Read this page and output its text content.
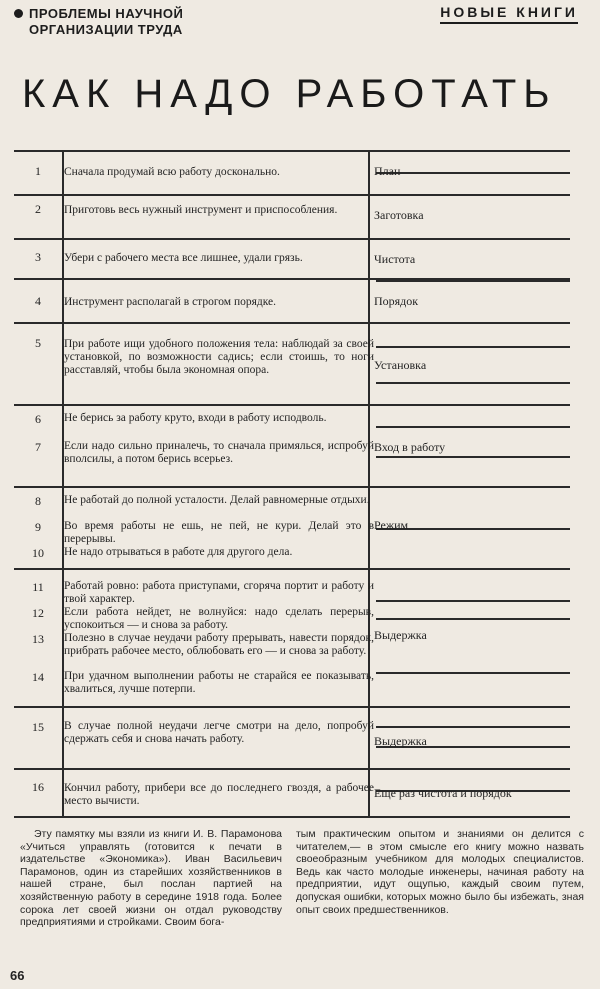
ПРОБЛЕМЫ НАУЧНОЙ
ОРГАНИЗАЦИИ ТРУДА
НОВЫЕ КНИГИ
КАК НАДО РАБОТАТЬ
1
2
3
4
5
6
7
8
9
10
11
12
13
14
15
16
Сначала продумай всю работу досконально.
Приготовь весь нужный инструмент и приспособления.
Убери с рабочего места все лишнее, удали грязь.
Инструмент располагай в строгом порядке.
При работе ищи удобного положения тела: наблюдай за своей установкой, по возможности садись; если стоишь, то ноги расставляй, чтобы была экономная опора.
Не берись за работу круто, входи в работу исподволь.
Если надо сильно приналечь, то сначала примялься, испробуй вполсилы, а потом берись всерьез.
Не работай до полной усталости. Делай равномерные отдыхи.
Во время работы не ешь, не пей, не кури. Делай это в перерывы.
Не надо отрываться в работе для другого дела.
Работай ровно: работа приступами, сгоряча портит и работу и твой характер.
Если работа нейдет, не волнуйся: надо сделать перерыв, успокоиться — и снова за работу.
Полезно в случае неудачи работу прерывать, навести порядок, прибрать рабочее место, облюбовать его — и снова за работу.
При удачном выполнении работы не старайся ее показывать, хвалиться, лучше потерпи.
В случае полной неудачи легче смотри на дело, попробуй сдержать себя и снова начать работу.
Кончил работу, прибери все до последнего гвоздя, а рабочее место вычисти.
План
Заготовка
Чистота
Порядок
Установка
Вход в работу
Режим
Выдержка
Выдержка
Еще раз чистота и порядок
Эту памятку мы взяли из книги И. В. Парамонова «Учиться управлять (готовится к печати в издательстве «Экономика»). Иван Васильевич Парамонов, один из старейших хозяйственников в нашей стране, был послан партией на хозяйственную работу в середине 1918 года. Более сорока лет своей жизни он отдал руководству предприятиями и стройками. Своим бога-
тым практическим опытом и знаниями он делится с читателем,— в этом смысле его книгу можно назвать своеобразным учебником для молодых специалистов. Ведь как часто молодые инженеры, начиная работу на предприятии, идут ощупью, каждый своим путем, допуская ошибки, которых можно было бы избежать, зная опыт своих предшественников.
66
